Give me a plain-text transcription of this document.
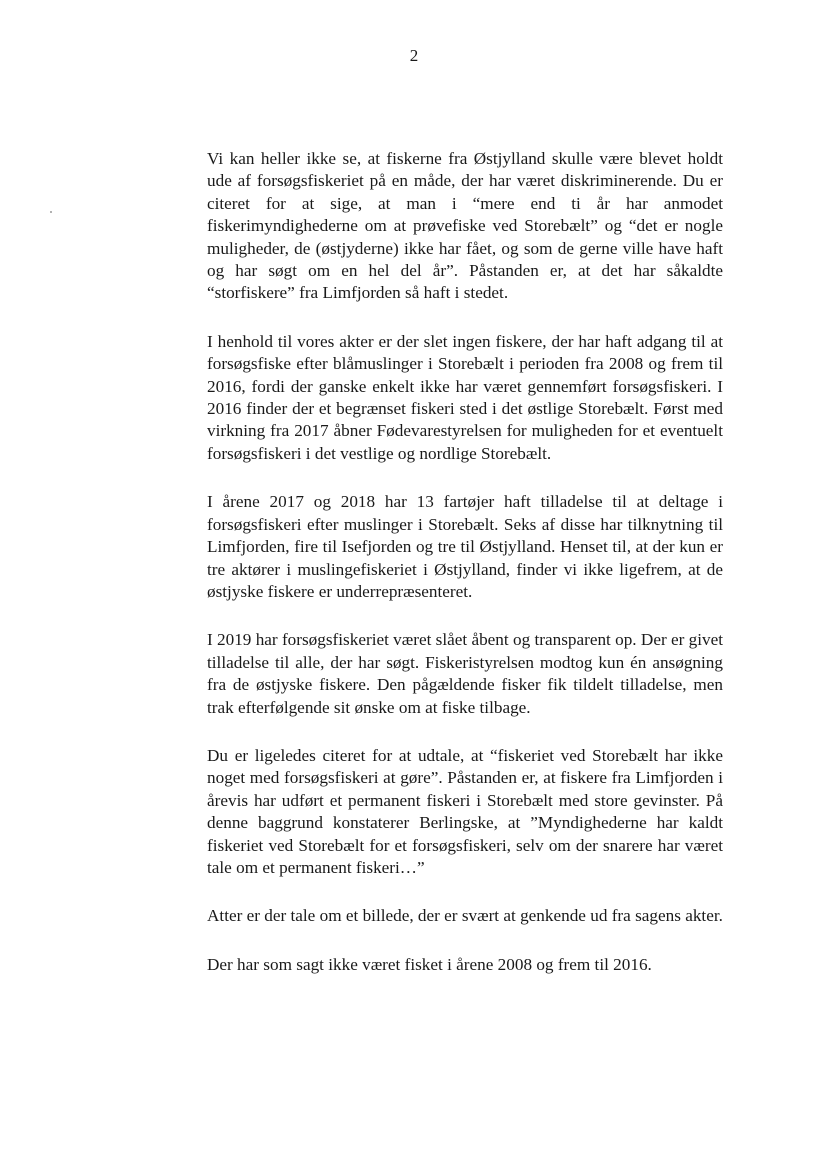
2

Vi kan heller ikke se, at fiskerne fra Østjylland skulle være blevet holdt ude af forsøgsfiskeriet på en måde, der har været diskriminerende. Du er citeret for at sige, at man i “mere end ti år har anmodet fiskerimyndighederne om at prøvefiske ved Storebælt” og “det er nogle muligheder, de (østjyderne) ikke har fået, og som de gerne ville have haft og har søgt om en hel del år”. Påstanden er, at det har såkaldte “storfiskere” fra Limfjorden så haft i stedet.

I henhold til vores akter er der slet ingen fiskere, der har haft adgang til at forsøgsfiske efter blåmuslinger i Storebælt i perioden fra 2008 og frem til 2016, fordi der ganske enkelt ikke har været gennemført forsøgsfiskeri. I 2016 finder der et begrænset fiskeri sted i det østlige Storebælt. Først med virkning fra 2017 åbner Fødevarestyrelsen for muligheden for et eventuelt forsøgsfiskeri i det vestlige og nordlige Storebælt.

I årene 2017 og 2018 har 13 fartøjer haft tilladelse til at deltage i forsøgsfiskeri efter muslinger i Storebælt. Seks af disse har tilknytning til Limfjorden, fire til Isefjorden og tre til Østjylland. Henset til, at der kun er tre aktører i muslingefiskeriet i Østjylland, finder vi ikke ligefrem, at de østjyske fiskere er underrepræsenteret.

I 2019 har forsøgsfiskeriet været slået åbent og transparent op. Der er givet tilladelse til alle, der har søgt. Fiskeristyrelsen modtog kun én ansøgning fra de østjyske fiskere. Den pågældende fisker fik tildelt tilladelse, men trak efterfølgende sit ønske om at fiske tilbage.

Du er ligeledes citeret for at udtale, at “fiskeriet ved Storebælt har ikke noget med forsøgsfiskeri at gøre”. Påstanden er, at fiskere fra Limfjorden i årevis har udført et permanent fiskeri i Storebælt med store gevinster. På denne baggrund konstaterer Berlingske, at ”Myndighederne har kaldt fiskeriet ved Storebælt for et forsøgsfiskeri, selv om der snarere har været tale om et permanent fiskeri…”

Atter er der tale om et billede, der er svært at genkende ud fra sagens akter.

Der har som sagt ikke været fisket i årene 2008 og frem til 2016.
